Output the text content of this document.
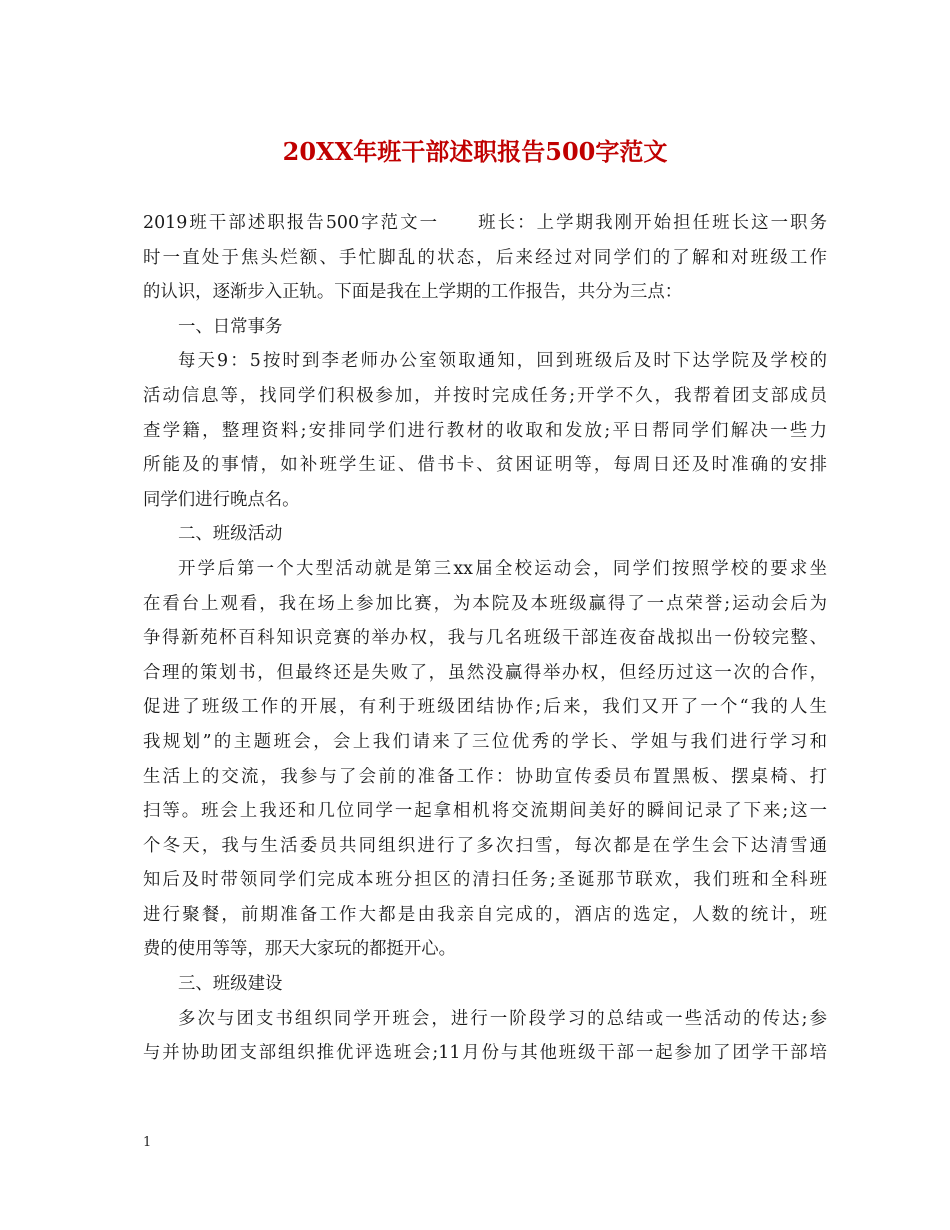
20XX年班干部述职报告500字范文
2019班干部述职报告500字范文一　　班长：上学期我刚开始担任班长这一职务
时一直处于焦头烂额、手忙脚乱的状态，后来经过对同学们的了解和对班级工作
的认识，逐渐步入正轨。下面是我在上学期的工作报告，共分为三点：
一、日常事务
每天9：5按时到李老师办公室领取通知，回到班级后及时下达学院及学校的
活动信息等，找同学们积极参加，并按时完成任务;开学不久，我帮着团支部成员
查学籍，整理资料;安排同学们进行教材的收取和发放;平日帮同学们解决一些力
所能及的事情，如补班学生证、借书卡、贫困证明等，每周日还及时准确的安排
同学们进行晚点名。
二、班级活动
开学后第一个大型活动就是第三xx届全校运动会，同学们按照学校的要求坐
在看台上观看，我在场上参加比赛，为本院及本班级赢得了一点荣誉;运动会后为
争得新苑杯百科知识竞赛的举办权，我与几名班级干部连夜奋战拟出一份较完整、
合理的策划书，但最终还是失败了，虽然没赢得举办权，但经历过这一次的合作，
促进了班级工作的开展，有利于班级团结协作;后来，我们又开了一个“我的人生
我规划”的主题班会，会上我们请来了三位优秀的学长、学姐与我们进行学习和
生活上的交流，我参与了会前的准备工作：协助宣传委员布置黑板、摆桌椅、打
扫等。班会上我还和几位同学一起拿相机将交流期间美好的瞬间记录了下来;这一
个冬天，我与生活委员共同组织进行了多次扫雪，每次都是在学生会下达清雪通
知后及时带领同学们完成本班分担区的清扫任务;圣诞那节联欢，我们班和全科班
进行聚餐，前期准备工作大都是由我亲自完成的，酒店的选定，人数的统计，班
费的使用等等，那天大家玩的都挺开心。
三、班级建设
多次与团支书组织同学开班会，进行一阶段学习的总结或一些活动的传达;参
与并协助团支部组织推优评选班会;11月份与其他班级干部一起参加了团学干部培
1
